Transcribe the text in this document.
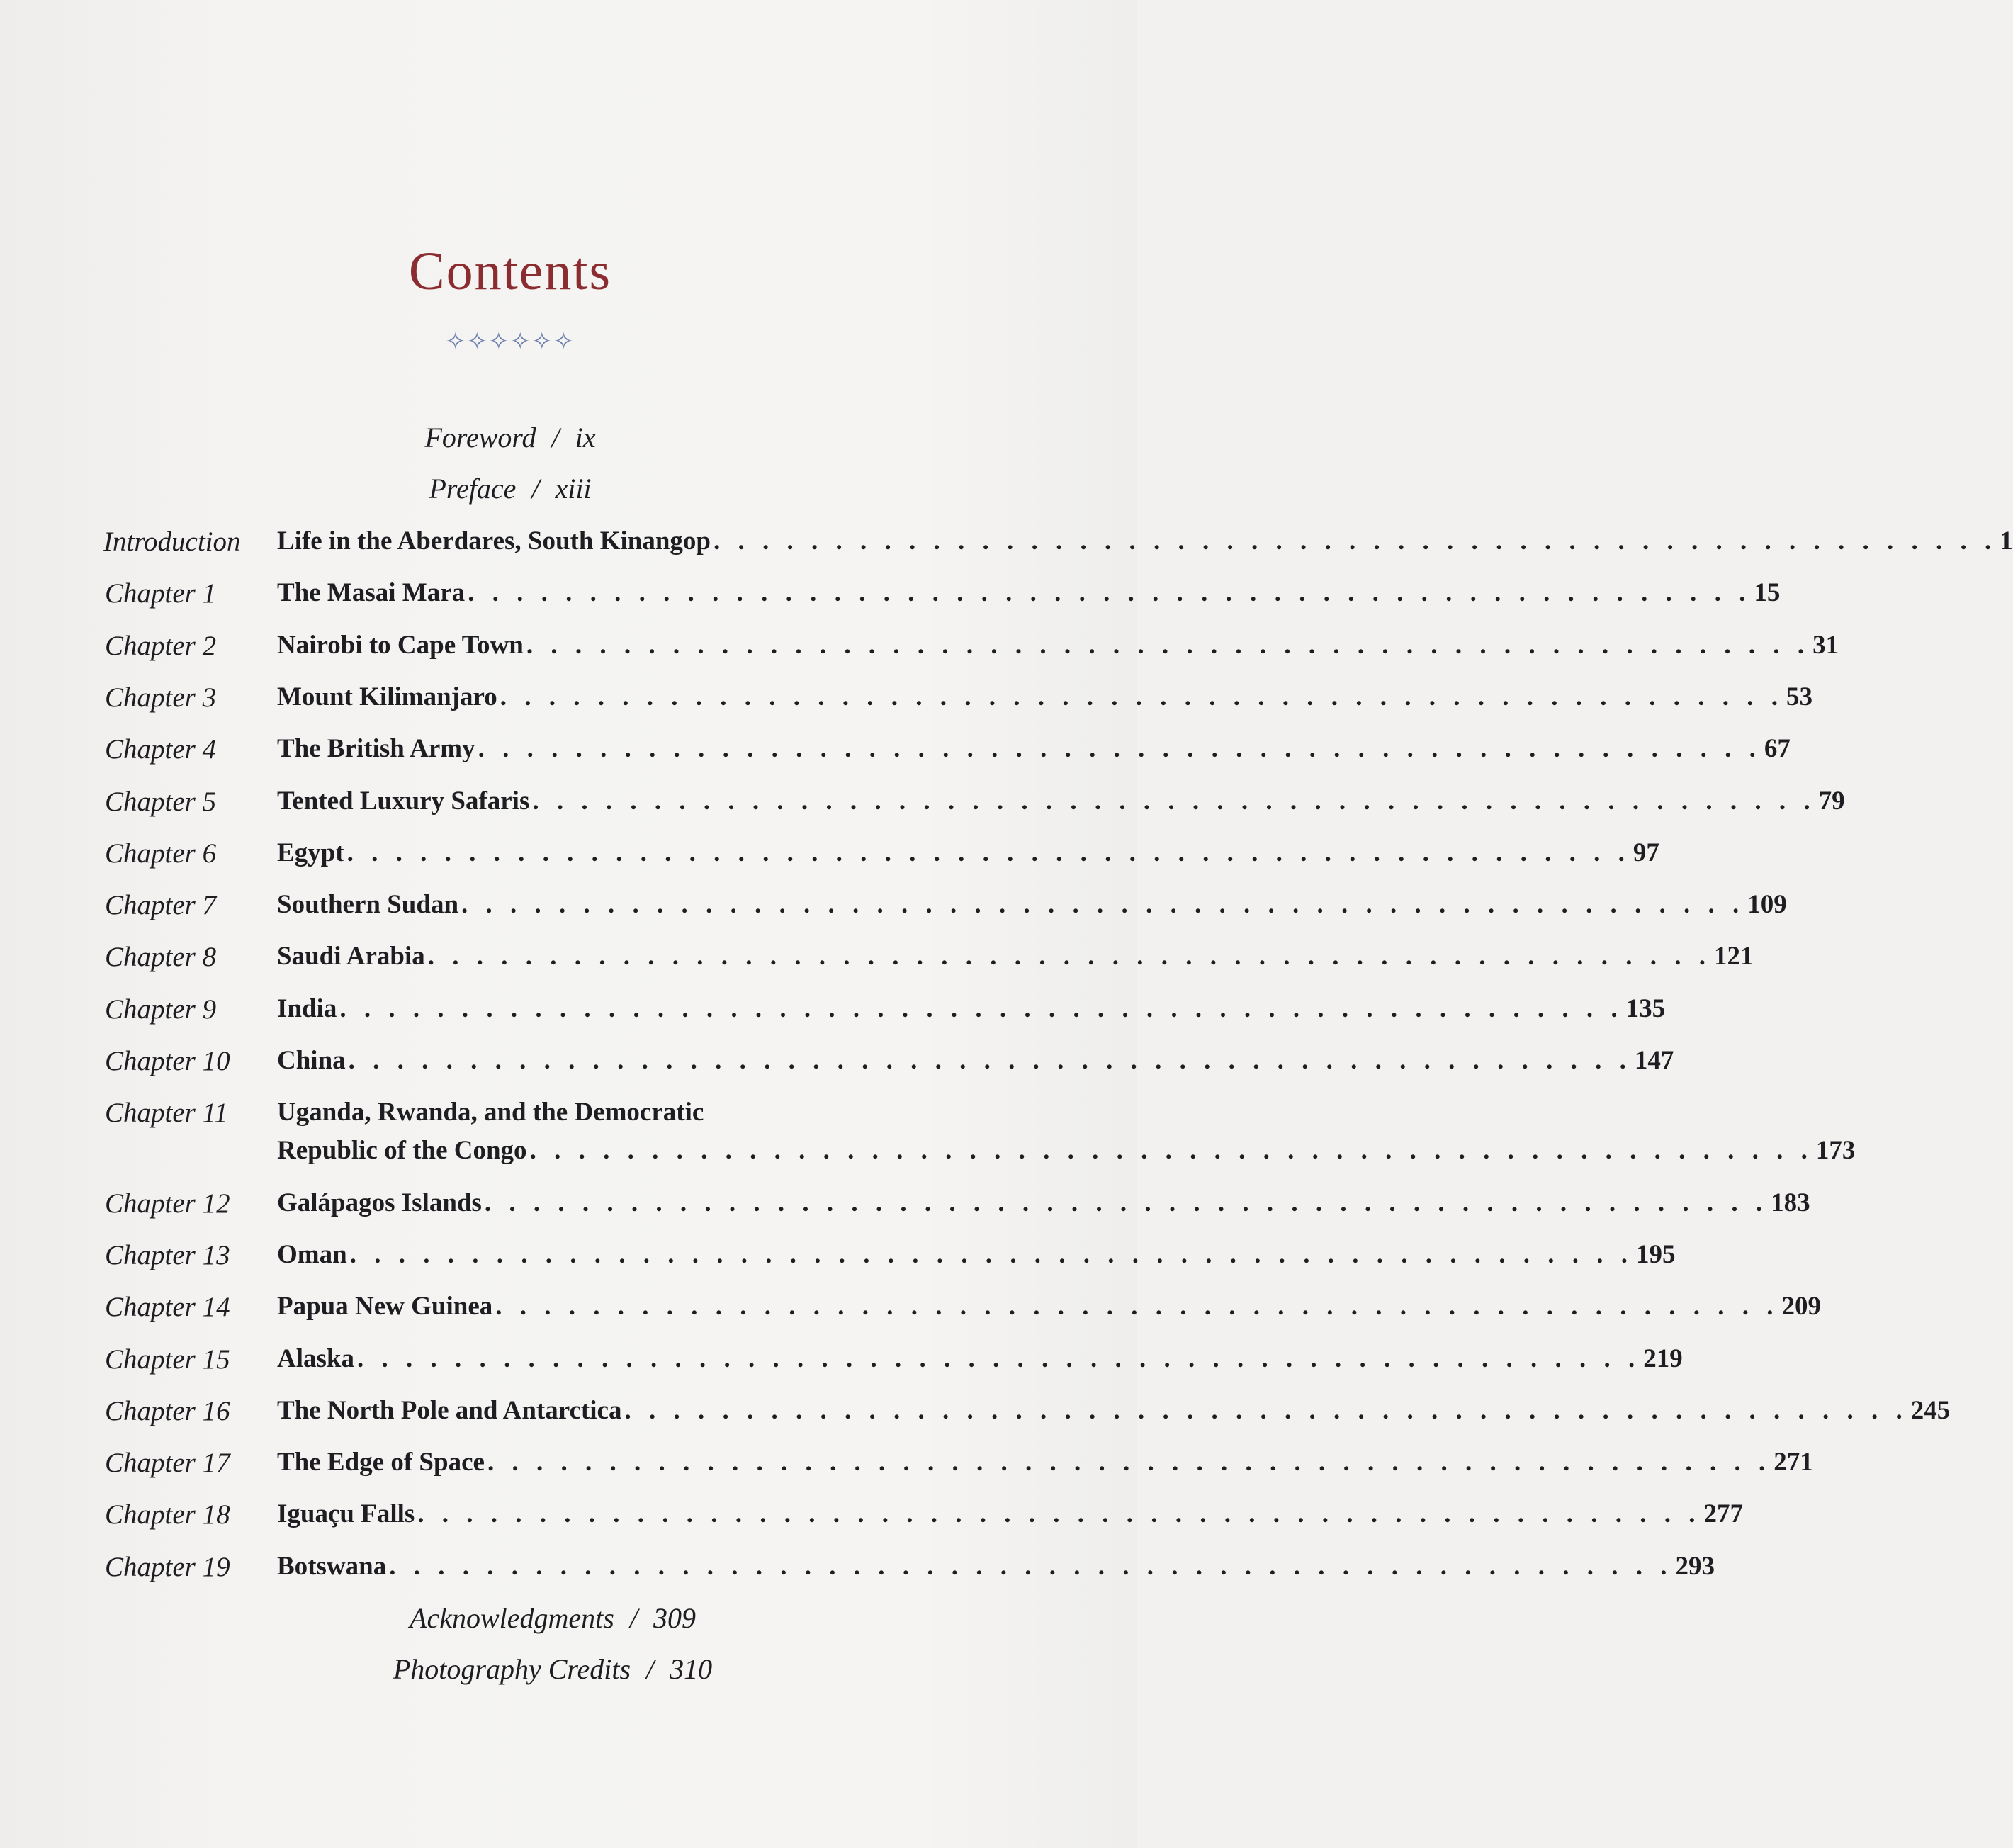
Contents
✧✧✧✧✧✧
Foreword / ix
Preface / xiii
Introduction Life in the Aberdares, South Kinangop . . . . . . . . . . . . . . . . . . . . . . . . . . . . . . . . . . . . . . . . . . . . . . . . . . . . . 1
Chapter 1 The Masai Mara . . . . . . . . . . . . . . . . . . . . . . . . . . . . . . . . . . . . . . . . . . . . . . . . . . . . . 15
Chapter 2 Nairobi to Cape Town . . . . . . . . . . . . . . . . . . . . . . . . . . . . . . . . . . . . . . . . . . . . . . . . . . . . . 31
Chapter 3 Mount Kilimanjaro . . . . . . . . . . . . . . . . . . . . . . . . . . . . . . . . . . . . . . . . . . . . . . . . . . . . . 53
Chapter 4 The British Army . . . . . . . . . . . . . . . . . . . . . . . . . . . . . . . . . . . . . . . . . . . . . . . . . . . . . 67
Chapter 5 Tented Luxury Safaris . . . . . . . . . . . . . . . . . . . . . . . . . . . . . . . . . . . . . . . . . . . . . . . . . . . . . 79
Chapter 6 Egypt . . . . . . . . . . . . . . . . . . . . . . . . . . . . . . . . . . . . . . . . . . . . . . . . . . . . . 97
Chapter 7 Southern Sudan . . . . . . . . . . . . . . . . . . . . . . . . . . . . . . . . . . . . . . . . . . . . . . . . . . . . . 109
Chapter 8 Saudi Arabia . . . . . . . . . . . . . . . . . . . . . . . . . . . . . . . . . . . . . . . . . . . . . . . . . . . . . 121
Chapter 9 India . . . . . . . . . . . . . . . . . . . . . . . . . . . . . . . . . . . . . . . . . . . . . . . . . . . . . 135
Chapter 10 China . . . . . . . . . . . . . . . . . . . . . . . . . . . . . . . . . . . . . . . . . . . . . . . . . . . . . 147
Chapter 11 Uganda, Rwanda, and the Democratic
Republic of the Congo . . . . . . . . . . . . . . . . . . . . . . . . . . . . . . . . . . . . . . . . . . . . . . . . . . . . . 173
Chapter 12 Galápagos Islands . . . . . . . . . . . . . . . . . . . . . . . . . . . . . . . . . . . . . . . . . . . . . . . . . . . . . 183
Chapter 13 Oman . . . . . . . . . . . . . . . . . . . . . . . . . . . . . . . . . . . . . . . . . . . . . . . . . . . . . 195
Chapter 14 Papua New Guinea . . . . . . . . . . . . . . . . . . . . . . . . . . . . . . . . . . . . . . . . . . . . . . . . . . . . . 209
Chapter 15 Alaska . . . . . . . . . . . . . . . . . . . . . . . . . . . . . . . . . . . . . . . . . . . . . . . . . . . . . 219
Chapter 16 The North Pole and Antarctica . . . . . . . . . . . . . . . . . . . . . . . . . . . . . . . . . . . . . . . . . . . . . . . . . . . . . 245
Chapter 17 The Edge of Space . . . . . . . . . . . . . . . . . . . . . . . . . . . . . . . . . . . . . . . . . . . . . . . . . . . . . 271
Chapter 18 Iguaçu Falls . . . . . . . . . . . . . . . . . . . . . . . . . . . . . . . . . . . . . . . . . . . . . . . . . . . . . 277
Chapter 19 Botswana . . . . . . . . . . . . . . . . . . . . . . . . . . . . . . . . . . . . . . . . . . . . . . . . . . . . . 293
Acknowledgments / 309
Photography Credits / 310
